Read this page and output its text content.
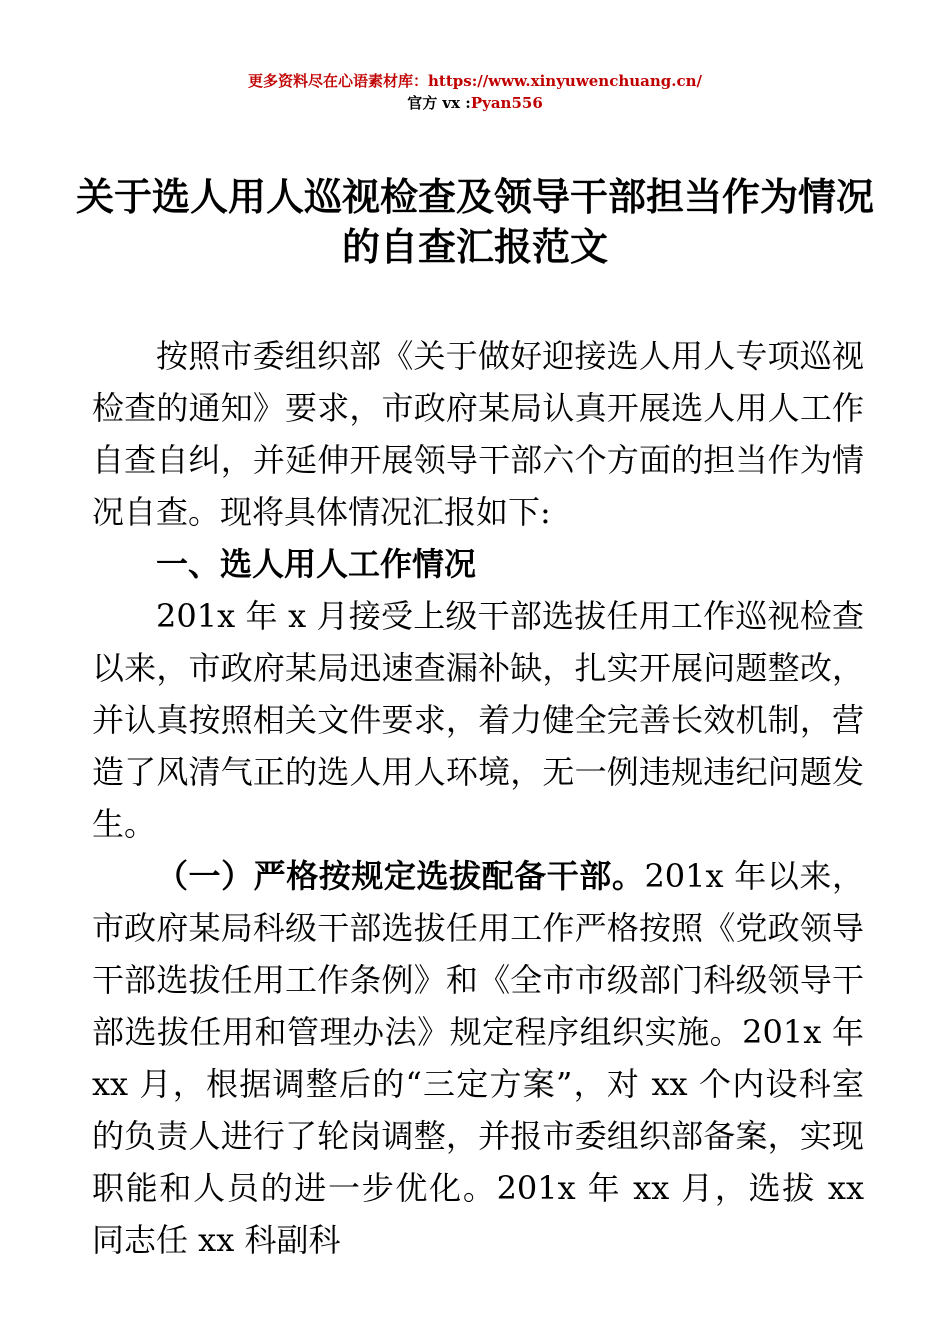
更多资料尽在心语素材库：https://www.xinyuwenchuang.cn/
官方 vx :Pyan556
关于选人用人巡视检查及领导干部担当作为情况的自查汇报范文

按照市委组织部《关于做好迎接选人用人专项巡视检查的通知》要求，市政府某局认真开展选人用人工作自查自纠，并延伸开展领导干部六个方面的担当作为情况自查。现将具体情况汇报如下:

一、选人用人工作情况

201x 年 x 月接受上级干部选拔任用工作巡视检查以来，市政府某局迅速查漏补缺，扎实开展问题整改，并认真按照相关文件要求，着力健全完善长效机制，营造了风清气正的选人用人环境，无一例违规违纪问题发生。

（一）严格按规定选拔配备干部。201x 年以来，市政府某局科级干部选拔任用工作严格按照《党政领导干部选拔任用工作条例》和《全市市级部门科级领导干部选拔任用和管理办法》规定程序组织实施。201x 年 xx 月，根据调整后的“三定方案”，对 xx 个内设科室的负责人进行了轮岗调整，并报市委组织部备案，实现职能和人员的进一步优化。201x 年 xx 月，选拔 xx 同志任 xx 科副科
